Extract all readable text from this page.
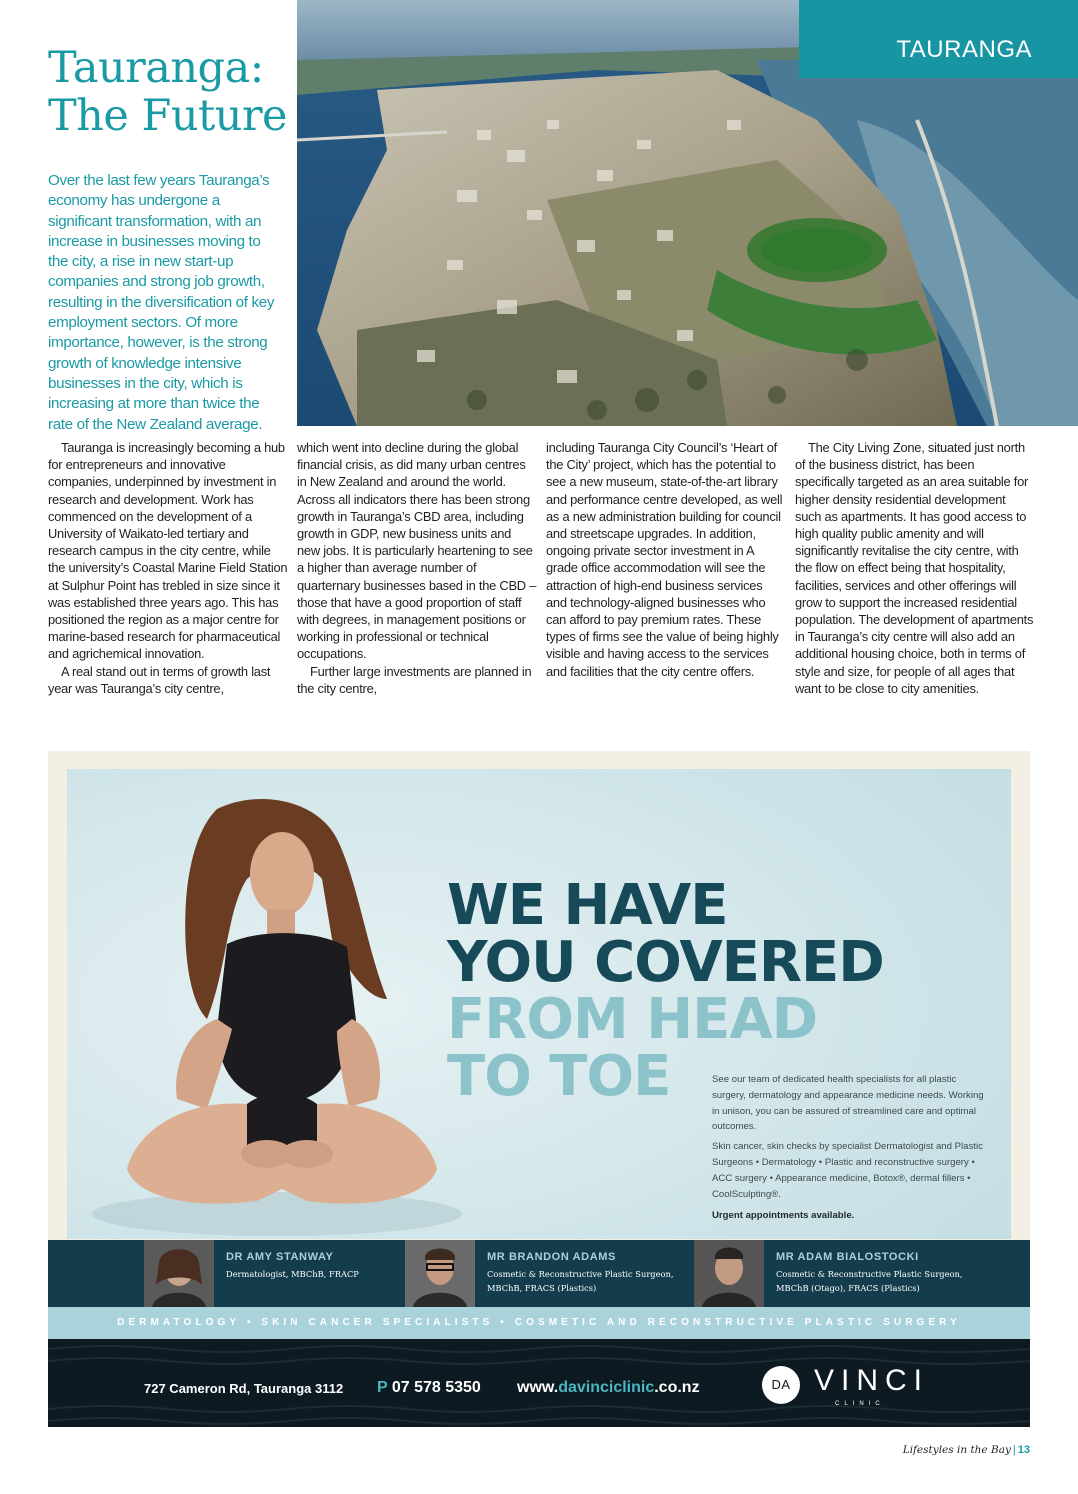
Tauranga:
The Future
Over the last few years Tauranga’s economy has undergone a significant transformation, with an increase in businesses moving to the city, a rise in new start-up companies and strong job growth, resulting in the diversification of key employment sectors. Of more importance, however, is the strong growth of knowledge intensive businesses in the city, which is increasing at more than twice the rate of the New Zealand average.
TAURANGA

Tauranga is increasingly becoming a hub for entrepreneurs and innovative companies, underpinned by investment in research and development. Work has commenced on the development of a University of Waikato-led tertiary and research campus in the city centre, while the university’s Coastal Marine Field Station at Sulphur Point has trebled in size since it was established three years ago. This has positioned the region as a major centre for marine-based research for pharmaceutical and agrichemical innovation.

A real stand out in terms of growth last year was Tauranga’s city centre,

which went into decline during the global financial crisis, as did many urban centres in New Zealand and around the world. Across all indicators there has been strong growth in Tauranga’s CBD area, including growth in GDP, new business units and new jobs. It is particularly heartening to see a higher than average number of quarternary businesses based in the CBD – those that have a good proportion of staff with degrees, in management positions or working in professional or technical occupations.

Further large investments are planned in the city centre,

including Tauranga City Council’s ‘Heart of the City’ project, which has the potential to see a new museum, state-of-the-art library and performance centre developed, as well as a new administration building for council and streetscape upgrades. In addition, ongoing private sector investment in A grade office accommodation will see the attraction of high-end business services and technology-aligned businesses who can afford to pay premium rates. These types of firms see the value of being highly visible and having access to the services and facilities that the city centre offers.

The City Living Zone, situated just north of the business district, has been specifically targeted as an area suitable for higher density residential development such as apartments. It has good access to high quality public amenity and will significantly revitalise the city centre, with the flow on effect being that hospitality, facilities, services and other offerings will grow to support the increased residential population. The development of apartments in Tauranga’s city centre will also add an additional housing choice, both in terms of style and size, for people of all ages that want to be close to city amenities.

WE HAVE
YOU COVERED
FROM HEAD
TO TOE	See our team of dedicated health specialists for all plastic surgery, dermatology and appearance medicine needs. Working in unison, you can be assured of streamlined care and optimal outcomes.

Skin cancer, skin checks by specialist Dermatologist and Plastic Surgeons • Dermatology • Plastic and reconstructive surgery • ACC surgery • Appearance medicine, Botox®, dermal fillers • CoolSculpting®.

Urgent appointments available.

DR AMY STANWAY
Dermatologist, MBChB, FRACP
MR BRANDON ADAMS
Cosmetic & Reconstructive Plastic Surgeon, MBChB, FRACS (Plastics)
MR ADAM BIALOSTOCKI
Cosmetic & Reconstructive Plastic Surgeon, MBChB (Otago), FRACS (Plastics)
DERMATOLOGY • SKIN CANCER SPECIALISTS • COSMETIC AND RECONSTRUCTIVE PLASTIC SURGERY
727 Cameron Rd, Tauranga 3112 P 07 578 5350 www.davinciclinic.co.nz	DA VINCI
CLINIC
Lifestyles in the Bay | 13
